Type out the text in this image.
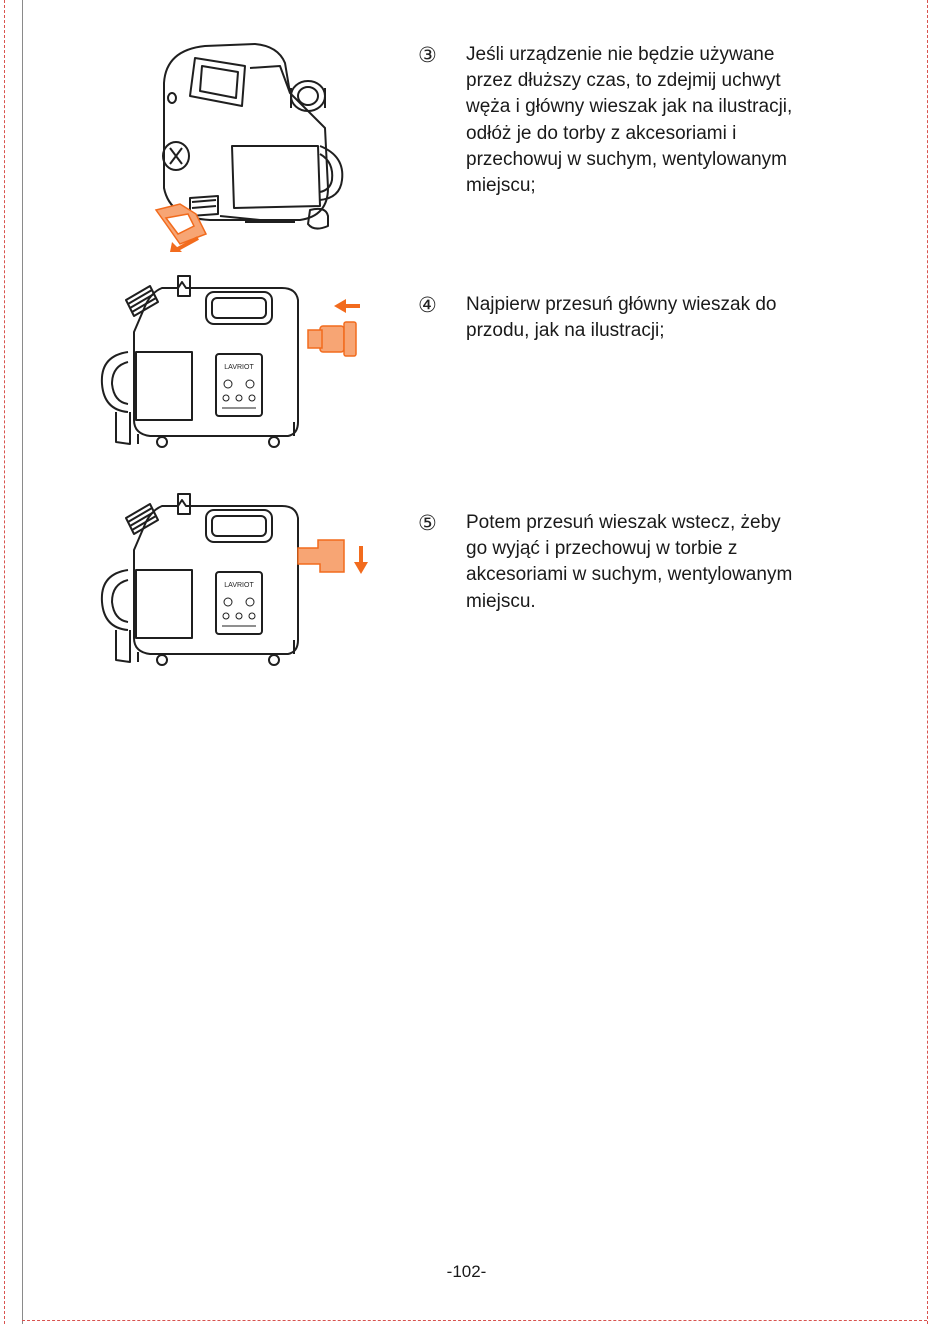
LAVRIOT
LAVRIOT
③ Jeśli urządzenie nie będzie używane
przez dłuższy czas, to zdejmij uchwyt
węża i główny wieszak jak na ilustracji,
odłóż je do torby z akcesoriami i
przechowuj w suchym, wentylowanym
miejscu;
④ Najpierw przesuń główny wieszak do
przodu, jak na ilustracji;
⑤ Potem przesuń wieszak wstecz, żeby
go wyjąć i przechowuj w torbie z
akcesoriami w suchym, wentylowanym
miejscu.
-102-
